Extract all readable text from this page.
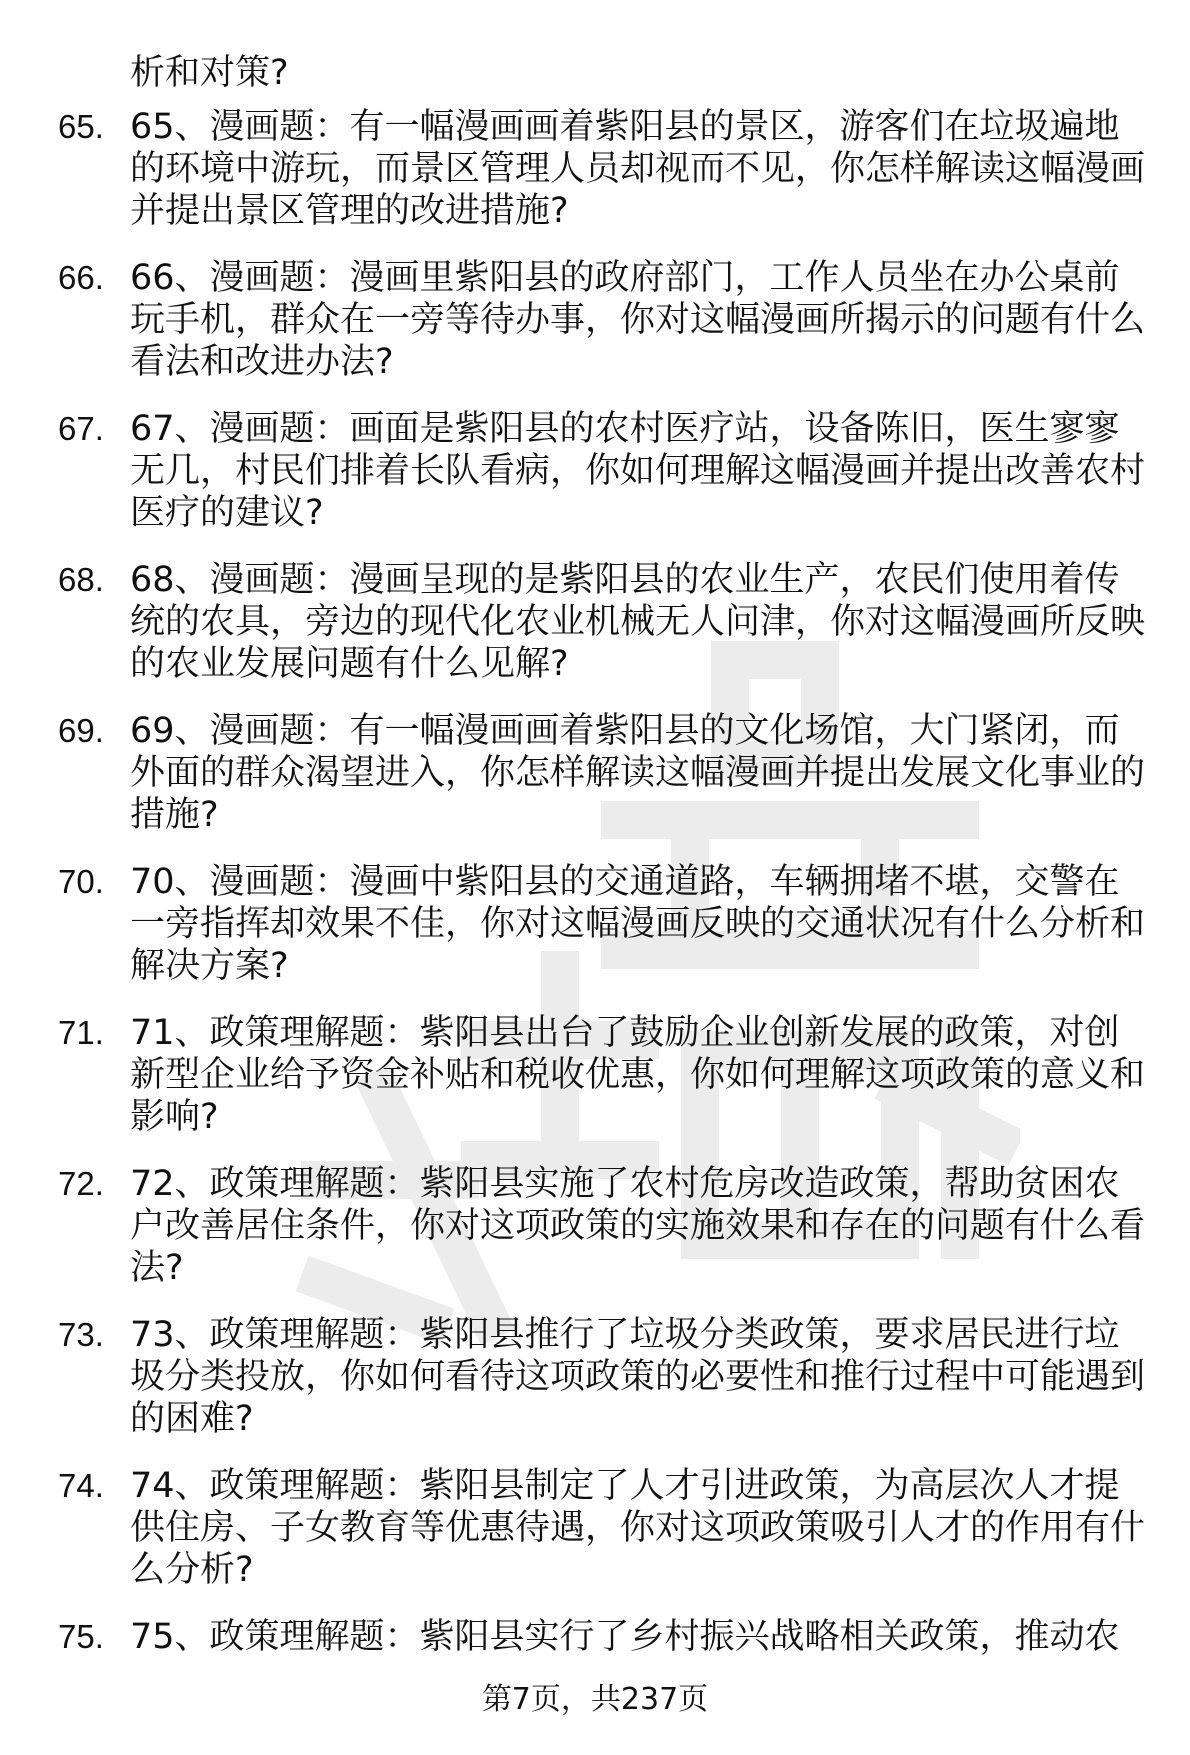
析和对策?

65. 65、漫画题：有一幅漫画画着紫阳县的景区，游客们在垃圾遍地的环境中游玩，而景区管理人员却视而不见，你怎样解读这幅漫画并提出景区管理的改进措施?
66. 66、漫画题：漫画里紫阳县的政府部门，工作人员坐在办公桌前玩手机，群众在一旁等待办事，你对这幅漫画所揭示的问题有什么看法和改进办法?
67. 67、漫画题：画面是紫阳县的农村医疗站，设备陈旧，医生寥寥无几，村民们排着长队看病，你如何理解这幅漫画并提出改善农村医疗的建议?
68. 68、漫画题：漫画呈现的是紫阳县的农业生产，农民们使用着传统的农具，旁边的现代化农业机械无人问津，你对这幅漫画所反映的农业发展问题有什么见解?
69. 69、漫画题：有一幅漫画画着紫阳县的文化场馆，大门紧闭，而外面的群众渴望进入，你怎样解读这幅漫画并提出发展文化事业的措施?
70. 70、漫画题：漫画中紫阳县的交通道路，车辆拥堵不堪，交警在一旁指挥却效果不佳，你对这幅漫画反映的交通状况有什么分析和解决方案?
71. 71、政策理解题：紫阳县出台了鼓励企业创新发展的政策，对创新型企业给予资金补贴和税收优惠，你如何理解这项政策的意义和影响?
72. 72、政策理解题：紫阳县实施了农村危房改造政策，帮助贫困农户改善居住条件，你对这项政策的实施效果和存在的问题有什么看法?
73. 73、政策理解题：紫阳县推行了垃圾分类政策，要求居民进行垃圾分类投放，你如何看待这项政策的必要性和推行过程中可能遇到的困难?
74. 74、政策理解题：紫阳县制定了人才引进政策，为高层次人才提供住房、子女教育等优惠待遇，你对这项政策吸引人才的作用有什么分析?
75. 75、政策理解题：紫阳县实行了乡村振兴战略相关政策，推动农
第7页，共237页
